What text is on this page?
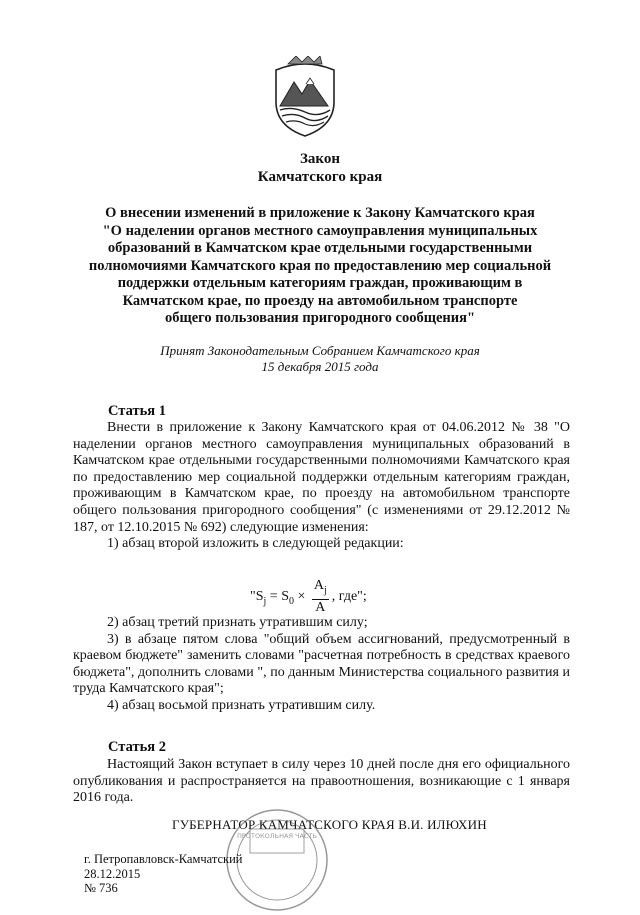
Закон
Камчатского края
О внесении изменений в приложение к Закону Камчатского края
"О наделении органов местного самоуправления муниципальных
образований в Камчатском крае отдельными государственными
полномочиями Камчатского края по предоставлению мер социальной
поддержки отдельным категориям граждан, проживающим в
Камчатском крае, по проезду на автомобильном транспорте
общего пользования пригородного сообщения"
Принят Законодательным Собранием Камчатского края
15 декабря 2015 года
Статья 1

Внести в приложение к Закону Камчатского края от 04.06.2012 № 38 "О наделении органов местного самоуправления муниципальных образований в Камчатском крае отдельными государственными полномочиями Камчатского края по предоставлению мер социальной поддержки отдельным категориям граждан, проживающим в Камчатском крае, по проезду на автомобильном транспорте общего пользования пригородного сообщения" (с изменениями от 29.12.2012 № 187, от 12.10.2015 № 692) следующие изменения:

1) абзац второй изложить в следующей редакции:

"$S_j = S_0 \times \frac{A_j}{A}$ , где";

2) абзац третий признать утратившим силу;

3) в абзаце пятом слова "общий объем ассигнований, предусмотренный в краевом бюджете" заменить словами "расчетная потребность в средствах краевого бюджета", дополнить словами ", по данным Министерства социального развития и труда Камчатского края";

4) абзац восьмой признать утратившим силу.

Статья 2

Настоящий Закон вступает в силу через 10 дней после дня его официального опубликования и распространяется на правоотношения, возникающие с 1 января 2016 года.

ГУБЕРНАТОР КАМЧАТСКОГО КРАЯ В.И. ИЛЮХИН
ПРОТОКОЛЬНАЯ ЧАСТЬ
г. Петропавловск-Камчатский
28.12.2015
№ 736
